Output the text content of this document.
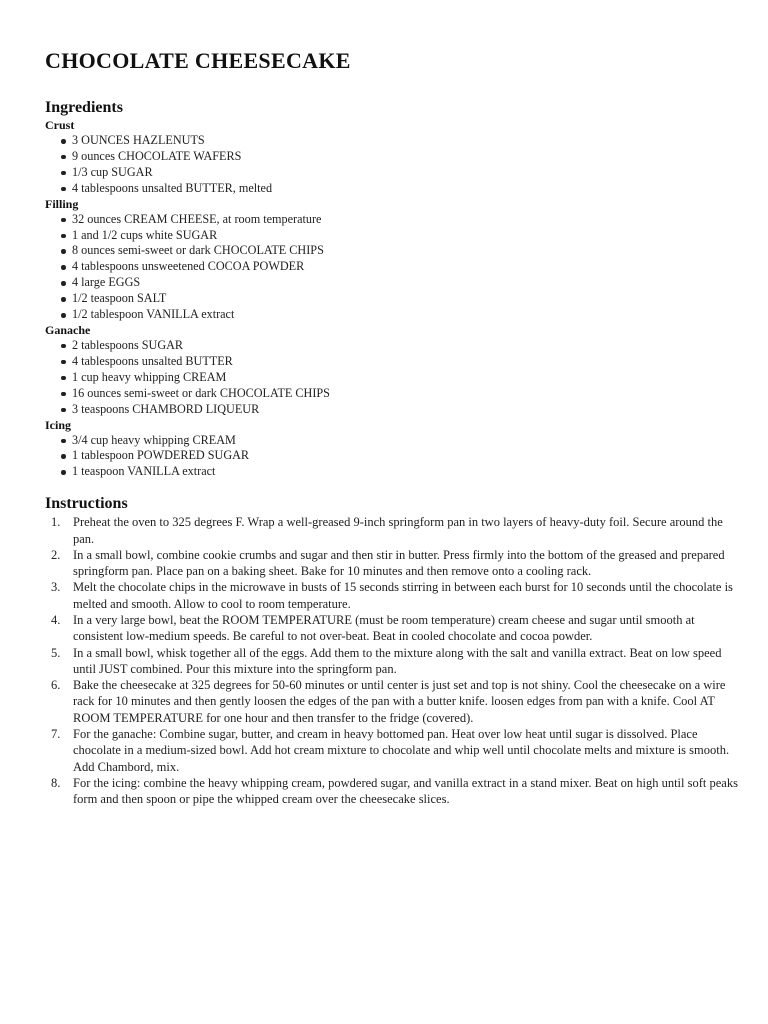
CHOCOLATE CHEESECAKE
Ingredients
Crust
3 OUNCES HAZLENUTS
9 ounces CHOCOLATE WAFERS
1/3 cup SUGAR
4 tablespoons unsalted BUTTER, melted
Filling
32 ounces CREAM CHEESE, at room temperature
1 and 1/2 cups white SUGAR
8 ounces semi-sweet or dark CHOCOLATE CHIPS
4 tablespoons unsweetened COCOA POWDER
4 large EGGS
1/2 teaspoon SALT
1/2 tablespoon VANILLA extract
Ganache
2 tablespoons SUGAR
4 tablespoons unsalted BUTTER
1 cup heavy whipping CREAM
16 ounces semi-sweet or dark CHOCOLATE CHIPS
3 teaspoons CHAMBORD LIQUEUR
Icing
3/4 cup heavy whipping CREAM
1 tablespoon POWDERED SUGAR
1 teaspoon VANILLA extract
Instructions
1. Preheat the oven to 325 degrees F. Wrap a well-greased 9-inch springform pan in two layers of heavy-duty foil. Secure around the pan.
2. In a small bowl, combine cookie crumbs and sugar and then stir in butter. Press firmly into the bottom of the greased and prepared springform pan. Place pan on a baking sheet. Bake for 10 minutes and then remove onto a cooling rack.
3. Melt the chocolate chips in the microwave in busts of 15 seconds stirring in between each burst for 10 seconds until the chocolate is melted and smooth. Allow to cool to room temperature.
4. In a very large bowl, beat the ROOM TEMPERATURE (must be room temperature) cream cheese and sugar until smooth at consistent low-medium speeds. Be careful to not over-beat. Beat in cooled chocolate and cocoa powder.
5. In a small bowl, whisk together all of the eggs. Add them to the mixture along with the salt and vanilla extract. Beat on low speed until JUST combined. Pour this mixture into the springform pan.
6. Bake the cheesecake at 325 degrees for 50-60 minutes or until center is just set and top is not shiny. Cool the cheesecake on a wire rack for 10 minutes and then gently loosen the edges of the pan with a butter knife. loosen edges from pan with a knife. Cool AT ROOM TEMPERATURE for one hour and then transfer to the fridge (covered).
7. For the ganache: Combine sugar, butter, and cream in heavy bottomed pan. Heat over low heat until sugar is dissolved. Place chocolate in a medium-sized bowl. Add hot cream mixture to chocolate and whip well until chocolate melts and mixture is smooth. Add Chambord, mix.
8. For the icing: combine the heavy whipping cream, powdered sugar, and vanilla extract in a stand mixer. Beat on high until soft peaks form and then spoon or pipe the whipped cream over the cheesecake slices.
